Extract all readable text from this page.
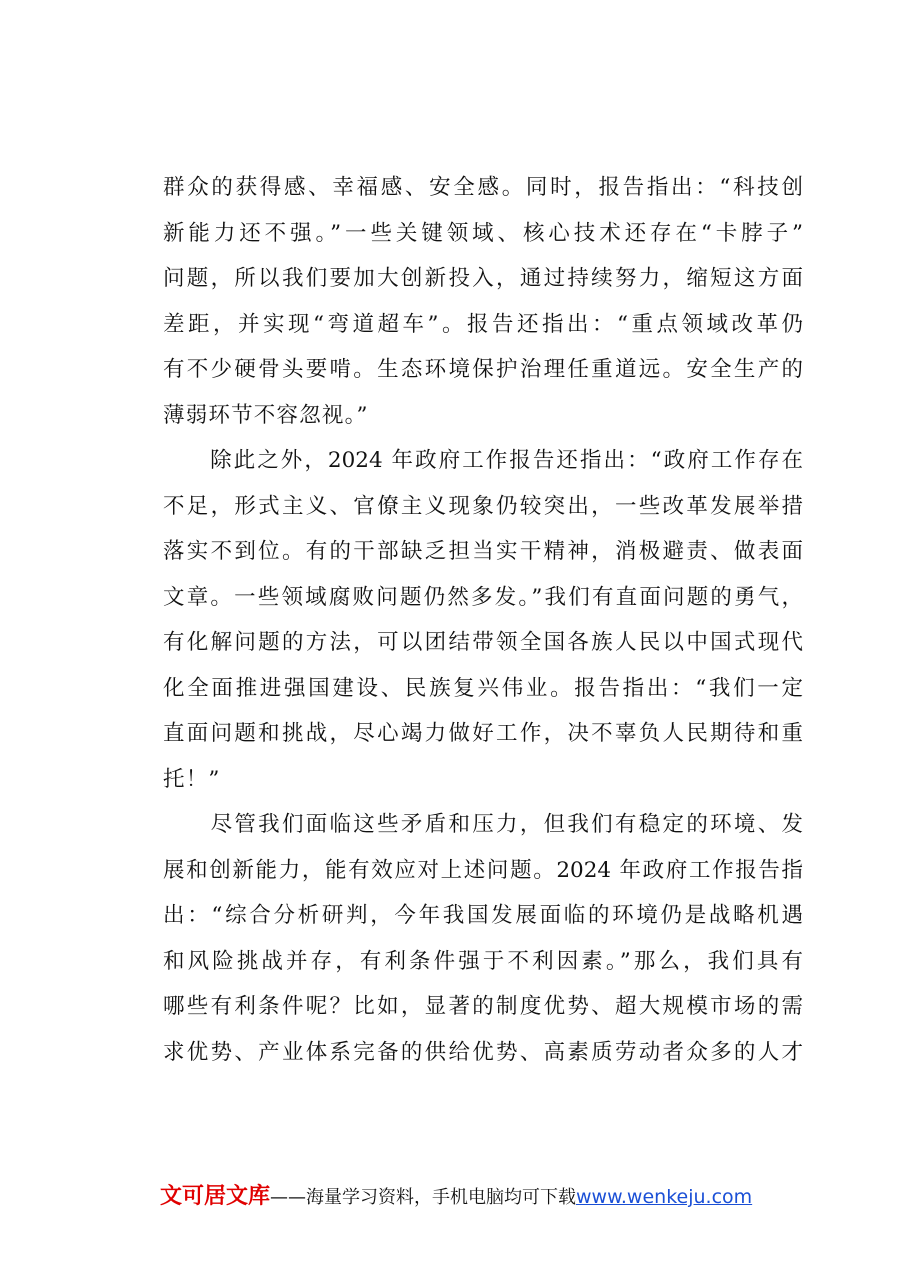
群众的获得感、幸福感、安全感。同时，报告指出：“科技创
新能力还不强。”一些关键领域、核心技术还存在“卡脖子”
问题，所以我们要加大创新投入，通过持续努力，缩短这方面
差距，并实现“弯道超车”。报告还指出：“重点领域改革仍
有不少硬骨头要啃。生态环境保护治理任重道远。安全生产的
薄弱环节不容忽视。”
　　除此之外，2024 年政府工作报告还指出：“政府工作存在
不足，形式主义、官僚主义现象仍较突出，一些改革发展举措
落实不到位。有的干部缺乏担当实干精神，消极避责、做表面
文章。一些领域腐败问题仍然多发。”我们有直面问题的勇气，
有化解问题的方法，可以团结带领全国各族人民以中国式现代
化全面推进强国建设、民族复兴伟业。报告指出：“我们一定
直面问题和挑战，尽心竭力做好工作，决不辜负人民期待和重
托！”
　　尽管我们面临这些矛盾和压力，但我们有稳定的环境、发
展和创新能力，能有效应对上述问题。2024 年政府工作报告指
出：“综合分析研判，今年我国发展面临的环境仍是战略机遇
和风险挑战并存，有利条件强于不利因素。”那么，我们具有
哪些有利条件呢？比如，显著的制度优势、超大规模市场的需
求优势、产业体系完备的供给优势、高素质劳动者众多的人才
文可居文库——海量学习资料，手机电脑均可下载www.wenkeju.com
